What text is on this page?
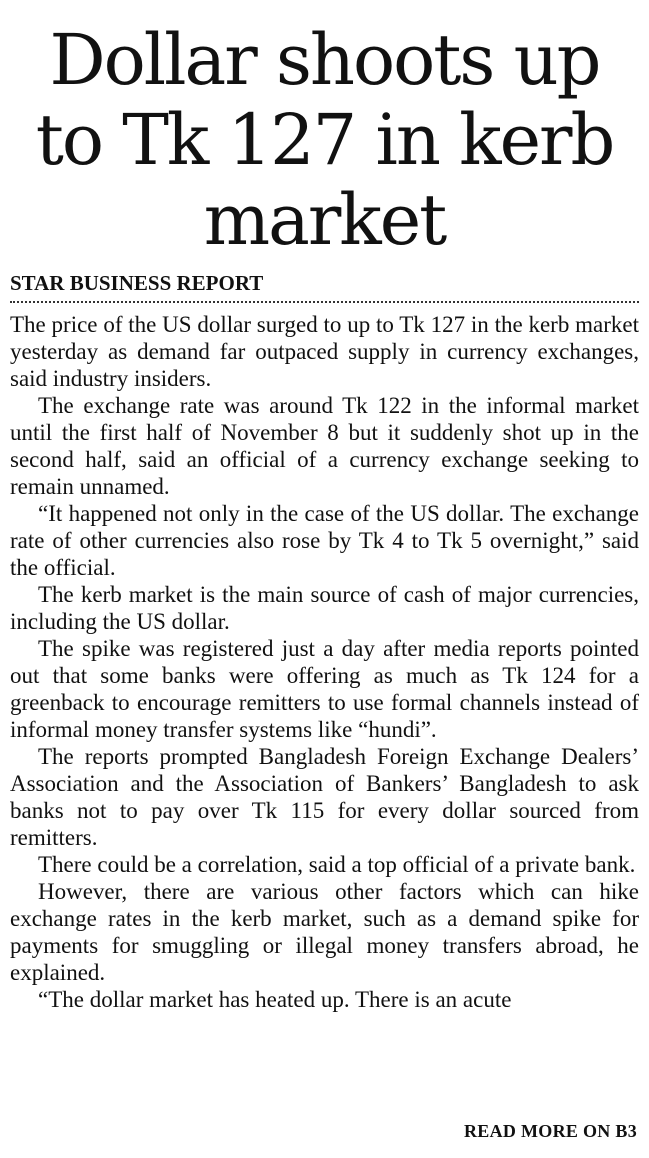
Dollar shoots up to Tk 127 in kerb market
STAR BUSINESS REPORT

The price of the US dollar surged to up to Tk 127 in the kerb market yesterday as demand far outpaced supply in currency exchanges, said industry insiders.

The exchange rate was around Tk 122 in the informal market until the first half of November 8 but it suddenly shot up in the second half, said an official of a currency exchange seeking to remain unnamed.

“It happened not only in the case of the US dollar. The exchange rate of other currencies also rose by Tk 4 to Tk 5 overnight,” said the official.

The kerb market is the main source of cash of major currencies, including the US dollar.

The spike was registered just a day after media reports pointed out that some banks were offering as much as Tk 124 for a greenback to encourage remitters to use formal channels instead of informal money transfer systems like “hundi”.

The reports prompted Bangladesh Foreign Exchange Dealers’ Association and the Association of Bankers’ Bangladesh to ask banks not to pay over Tk 115 for every dollar sourced from remitters.

There could be a correlation, said a top official of a private bank.

However, there are various other factors which can hike exchange rates in the kerb market, such as a demand spike for payments for smuggling or illegal money transfers abroad, he explained.

“The dollar market has heated up. There is an acute

READ MORE ON B3
